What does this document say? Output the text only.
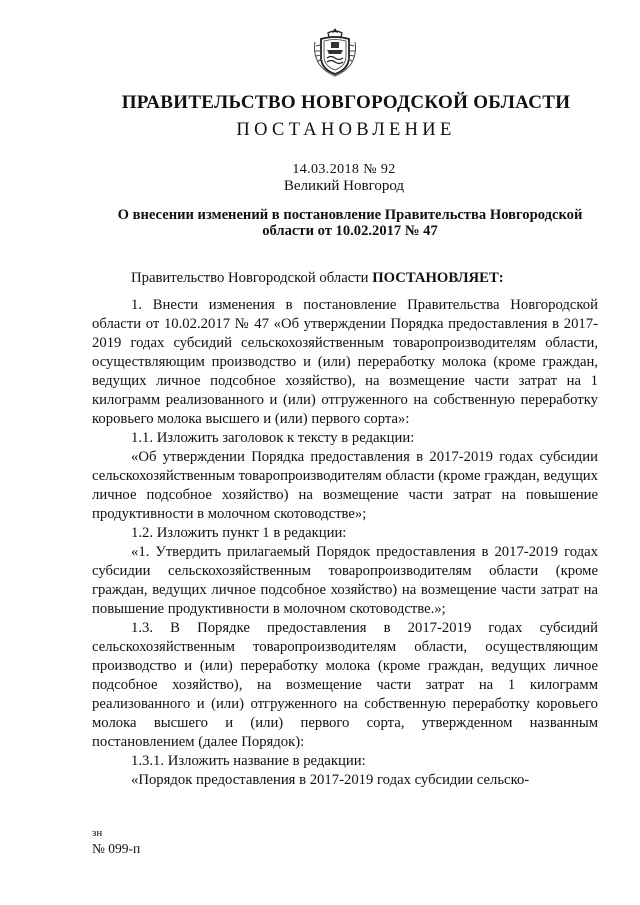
ПРАВИТЕЛЬСТВО НОВГОРОДСКОЙ ОБЛАСТИ
ПОСТАНОВЛЕНИЕ
14.03.2018 № 92
Великий Новгород
О внесении изменений в постановление Правительства Новгородской
области от 10.02.2017 № 47

Правительство Новгородской области ПОСТАНОВЛЯЕТ:

1. Внести изменения в постановление Правительства Новгородской области от 10.02.2017 № 47 «Об утверждении Порядка предоставления в 2017-2019 годах субсидий сельскохозяйственным товаропроизводителям области, осуществляющим производство и (или) переработку молока (кроме граждан, ведущих личное подсобное хозяйство), на возмещение части затрат на 1 килограмм реализованного и (или) отгруженного на собственную переработку коровьего молока высшего и (или) первого сорта»:

1.1. Изложить заголовок к тексту в редакции:

«Об утверждении Порядка предоставления в 2017-2019 годах субсидии сельскохозяйственным товаропроизводителям области (кроме граждан, ведущих личное подсобное хозяйство) на возмещение части затрат на повышение продуктивности в молочном скотоводстве»;

1.2. Изложить пункт 1 в редакции:

«1. Утвердить прилагаемый Порядок предоставления в 2017-2019 годах субсидии сельскохозяйственным товаропроизводителям области (кроме граждан, ведущих личное подсобное хозяйство) на возмещение части затрат на повышение продуктивности в молочном скотоводстве.»;

1.3. В Порядке предоставления в 2017-2019 годах субсидий сельскохозяйственным товаропроизводителям области, осуществляющим производство и (или) переработку молока (кроме граждан, ведущих личное подсобное хозяйство), на возмещение части затрат на 1 килограмм реализованного и (или) отгруженного на собственную переработку коровьего молока высшего и (или) первого сорта, утвержденном названным постановлением (далее Порядок):

1.3.1. Изложить название в редакции:

«Порядок предоставления в 2017-2019 годах субсидии сельско-

зн
№ 099-п
